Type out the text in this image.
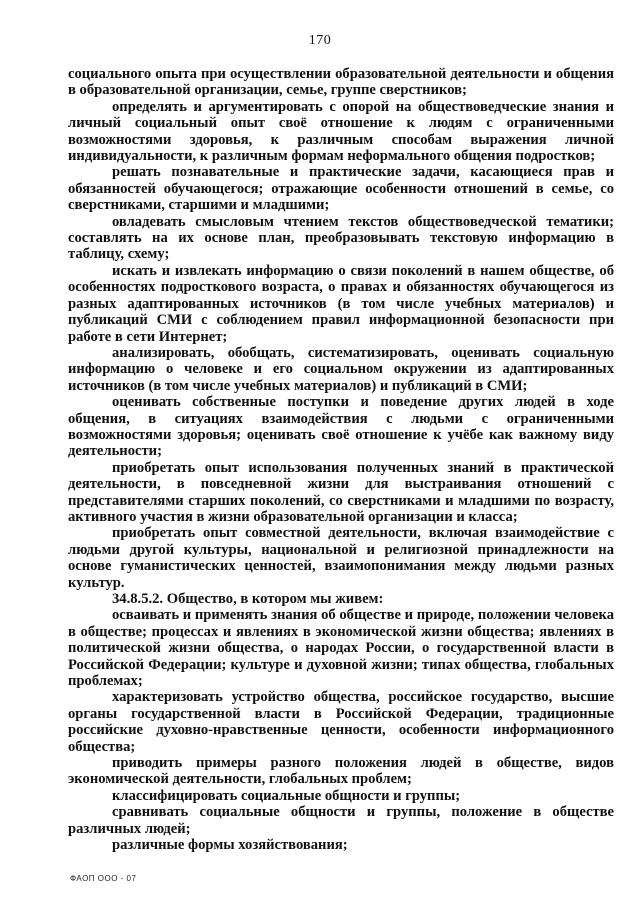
170

социального опыта при осуществлении образовательной деятельности и общения в образовательной организации, семье, группе сверстников;

определять и аргументировать с опорой на обществоведческие знания и личный социальный опыт своё отношение к людям с ограниченными возможностями здоровья, к различным способам выражения личной индивидуальности, к различным формам неформального общения подростков;

решать познавательные и практические задачи, касающиеся прав и обязанностей обучающегося; отражающие особенности отношений в семье, со сверстниками, старшими и младшими;

овладевать смысловым чтением текстов обществоведческой тематики; составлять на их основе план, преобразовывать текстовую информацию в таблицу, схему;

искать и извлекать информацию о связи поколений в нашем обществе, об особенностях подросткового возраста, о правах и обязанностях обучающегося из разных адаптированных источников (в том числе учебных материалов) и публикаций СМИ с соблюдением правил информационной безопасности при работе в сети Интернет;

анализировать, обобщать, систематизировать, оценивать социальную информацию о человеке и его социальном окружении из адаптированных источников (в том числе учебных материалов) и публикаций в СМИ;

оценивать собственные поступки и поведение других людей в ходе общения, в ситуациях взаимодействия с людьми с ограниченными возможностями здоровья; оценивать своё отношение к учёбе как важному виду деятельности;

приобретать опыт использования полученных знаний в практической деятельности, в повседневной жизни для выстраивания отношений с представителями старших поколений, со сверстниками и младшими по возрасту, активного участия в жизни образовательной организации и класса;

приобретать опыт совместной деятельности, включая взаимодействие с людьми другой культуры, национальной и религиозной принадлежности на основе гуманистических ценностей, взаимопонимания между людьми разных культур.

34.8.5.2. Общество, в котором мы живем:

осваивать и применять знания об обществе и природе, положении человека в обществе; процессах и явлениях в экономической жизни общества; явлениях в политической жизни общества, о народах России, о государственной власти в Российской Федерации; культуре и духовной жизни; типах общества, глобальных проблемах;

характеризовать устройство общества, российское государство, высшие органы государственной власти в Российской Федерации, традиционные российские духовно-нравственные ценности, особенности информационного общества;

приводить примеры разного положения людей в обществе, видов экономической деятельности, глобальных проблем;

классифицировать социальные общности и группы;

сравнивать социальные общности и группы, положение в обществе различных людей;

различные формы хозяйствования;

ФАОП ООО - 07
